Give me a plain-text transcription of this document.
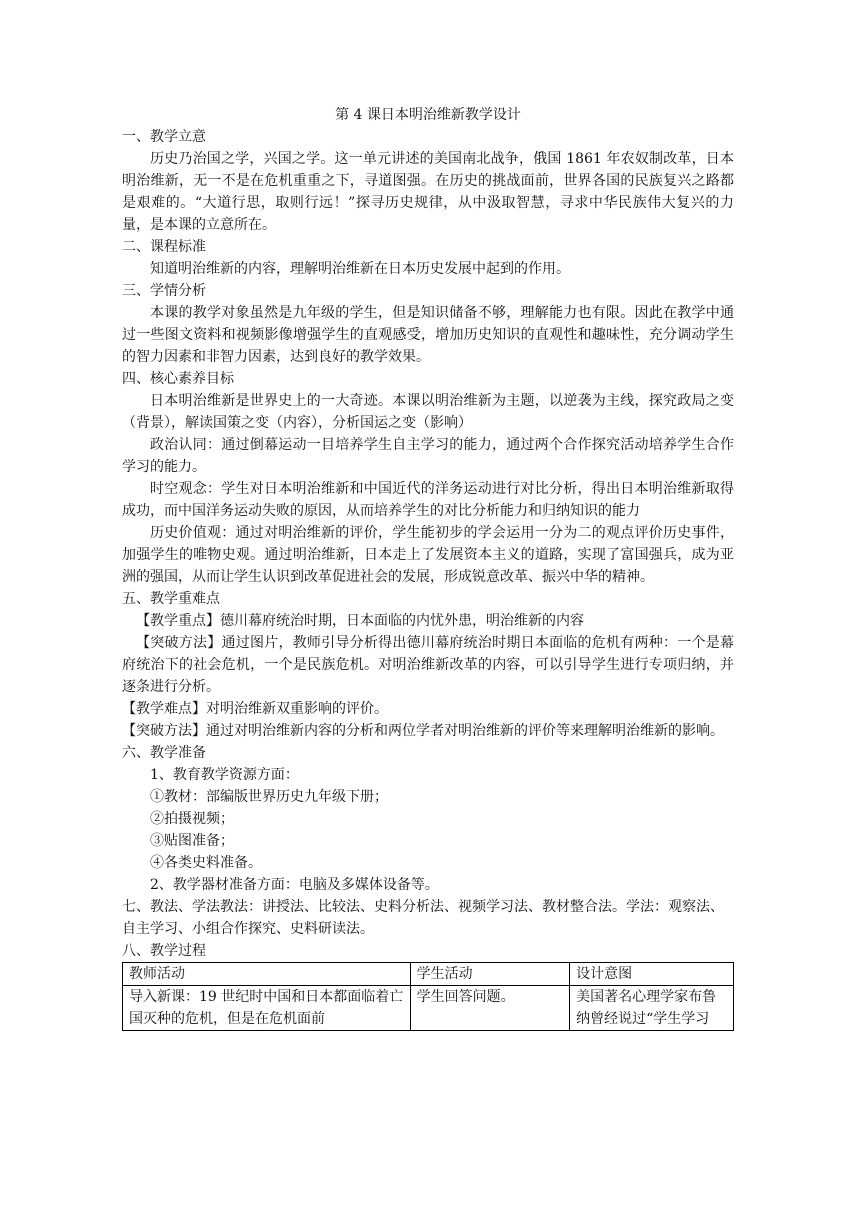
第 4 课日本明治维新教学设计

一、教学立意

历史乃治国之学，兴国之学。这一单元讲述的美国南北战争，俄国 1861 年农奴制改革，日本明治维新，无一不是在危机重重之下，寻道图强。在历史的挑战面前，世界各国的民族复兴之路都是艰难的。“大道行思，取则行远！”探寻历史规律，从中汲取智慧，寻求中华民族伟大复兴的力量，是本课的立意所在。

二、课程标准

知道明治维新的内容，理解明治维新在日本历史发展中起到的作用。

三、学情分析

本课的教学对象虽然是九年级的学生，但是知识储备不够，理解能力也有限。因此在教学中通过一些图文资料和视频影像增强学生的直观感受，增加历史知识的直观性和趣味性，充分调动学生的智力因素和非智力因素，达到良好的教学效果。

四、核心素养目标

日本明治维新是世界史上的一大奇迹。本课以明治维新为主题，以逆袭为主线，探究政局之变（背景），解读国策之变（内容），分析国运之变（影响）

政治认同：通过倒幕运动一目培养学生自主学习的能力，通过两个合作探究活动培养学生合作学习的能力。

时空观念：学生对日本明治维新和中国近代的洋务运动进行对比分析，得出日本明治维新取得成功，而中国洋务运动失败的原因，从而培养学生的对比分析能力和归纳知识的能力

历史价值观：通过对明治维新的评价，学生能初步的学会运用一分为二的观点评价历史事件，加强学生的唯物史观。通过明治维新，日本走上了发展资本主义的道路，实现了富国强兵，成为亚洲的强国，从而让学生认识到改革促进社会的发展，形成锐意改革、振兴中华的精神。

五、教学重难点

【教学重点】德川幕府统治时期，日本面临的内忧外患，明治维新的内容

【突破方法】通过图片，教师引导分析得出德川幕府统治时期日本面临的危机有两种：一个是幕府统治下的社会危机，一个是民族危机。对明治维新改革的内容，可以引导学生进行专项归纳，并逐条进行分析。

【教学难点】对明治维新双重影响的评价。

【突破方法】通过对明治维新内容的分析和两位学者对明治维新的评价等来理解明治维新的影响。

六、教学准备

1、教育教学资源方面：

①教材：部编版世界历史九年级下册；

②拍摄视频；

③贴图准备；

④各类史料准备。

2、教学器材准备方面：电脑及多媒体设备等。

七、教法、学法教法：讲授法、比较法、史料分析法、视频学习法、教材整合法。学法：观察法、自主学习、小组合作探究、史料研读法。

八、教学过程

教师活动	学生活动	设计意图
导入新课：19 世纪时中国和日本都面临着亡国灭种的危机，但是在危机面前	学生回答问题。	美国著名心理学家布鲁纳曾经说过“学生学习
